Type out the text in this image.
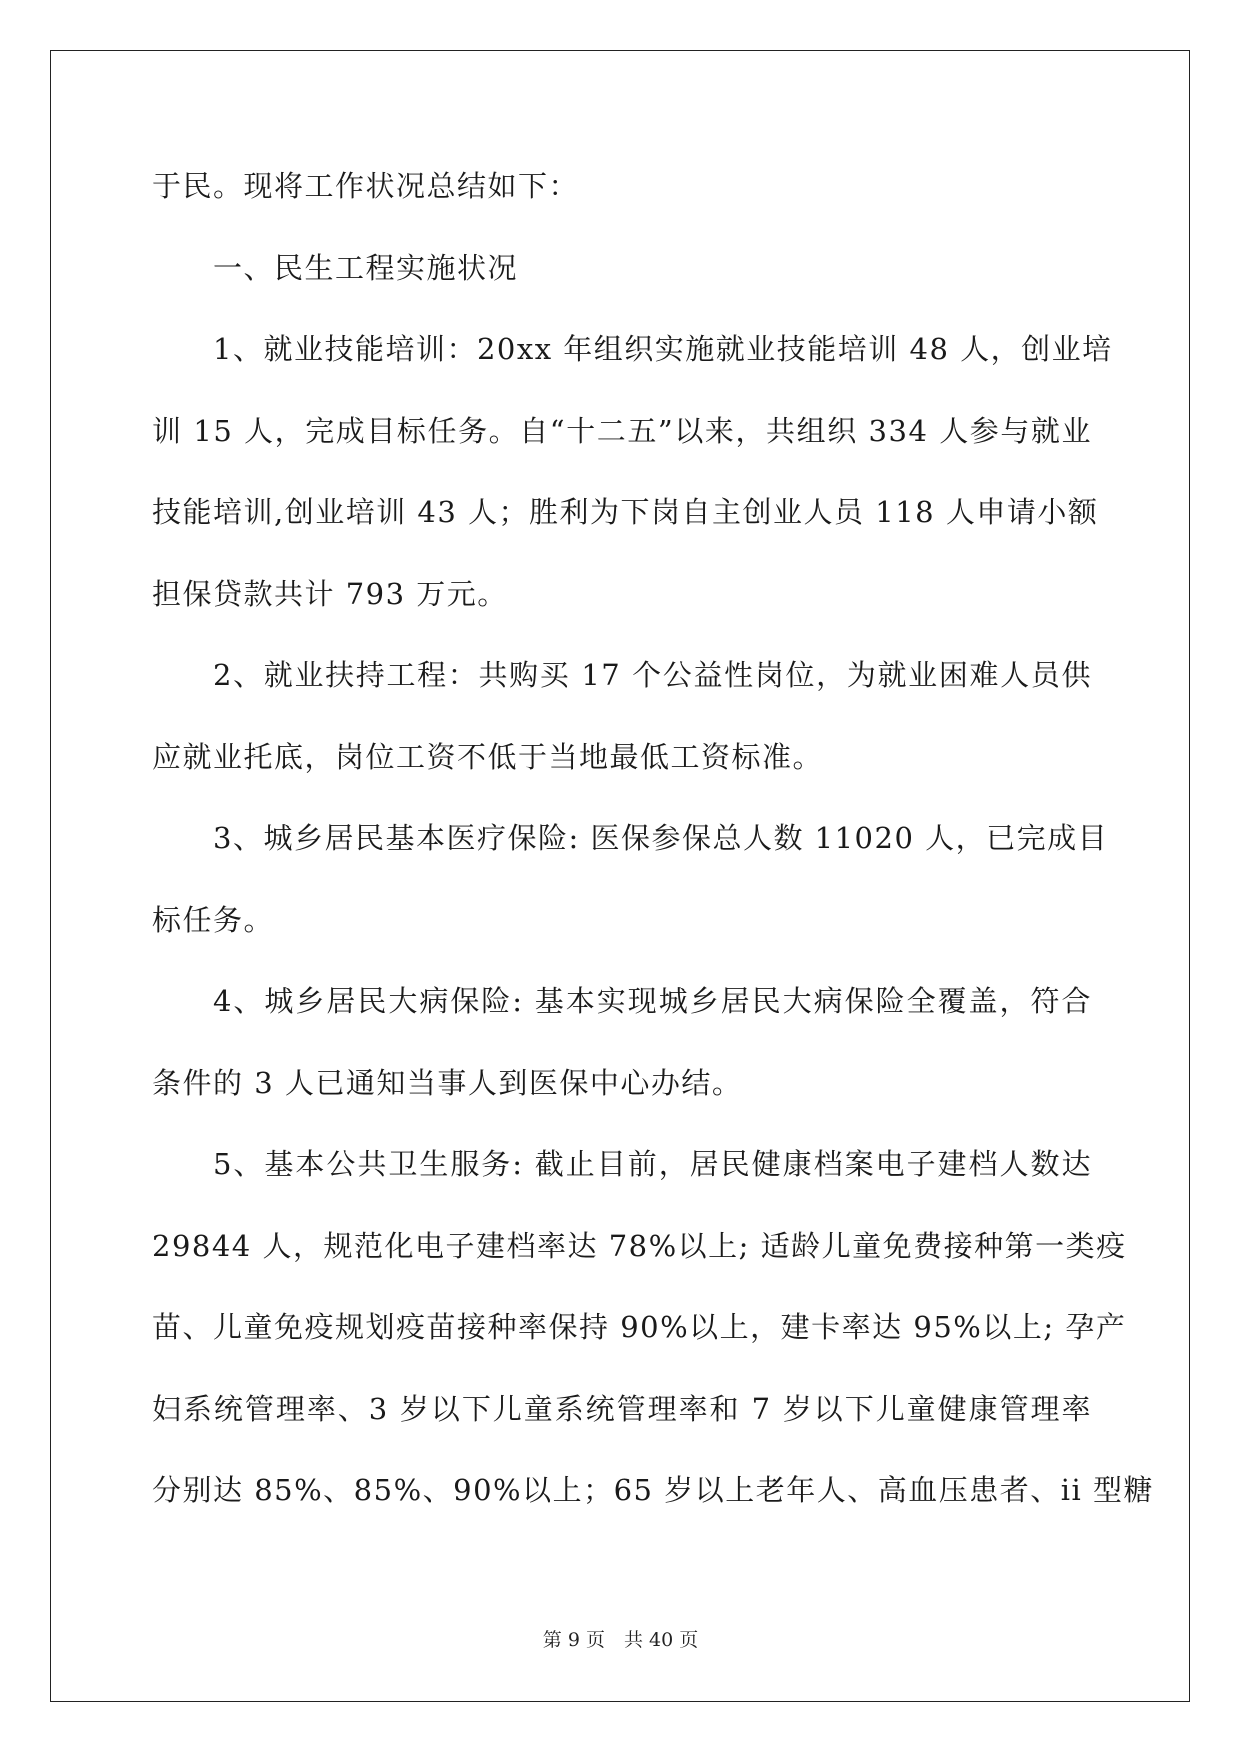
于民。现将工作状况总结如下：
一、民生工程实施状况
1、就业技能培训：20xx 年组织实施就业技能培训 48 人，创业培
训 15 人，完成目标任务。自“十二五”以来，共组织 334 人参与就业
技能培训,创业培训 43 人；胜利为下岗自主创业人员 118 人申请小额
担保贷款共计 793 万元。
2、就业扶持工程：共购买 17 个公益性岗位，为就业困难人员供
应就业托底，岗位工资不低于当地最低工资标准。
3、城乡居民基本医疗保险: 医保参保总人数 11020 人，已完成目
标任务。
4、城乡居民大病保险: 基本实现城乡居民大病保险全覆盖，符合
条件的 3 人已通知当事人到医保中心办结。
5、基本公共卫生服务: 截止目前，居民健康档案电子建档人数达
29844 人，规范化电子建档率达 78%以上; 适龄儿童免费接种第一类疫
苗、儿童免疫规划疫苗接种率保持 90%以上，建卡率达 95%以上; 孕产
妇系统管理率、3 岁以下儿童系统管理率和 7 岁以下儿童健康管理率
分别达 85%、85%、90%以上；65 岁以上老年人、高血压患者、ii 型糖
第 9 页　共 40 页
